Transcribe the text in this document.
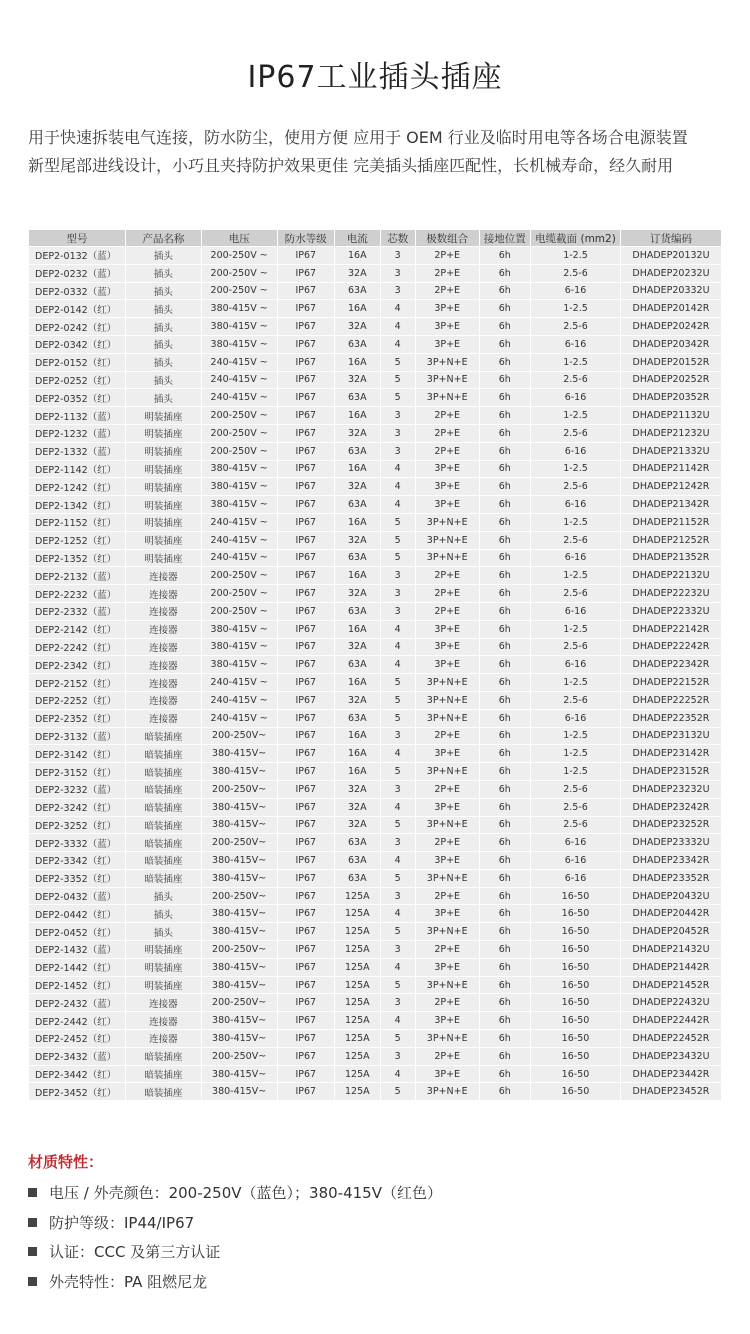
IP67工业插头插座
用于快速拆装电气连接，防水防尘，使用方便 应用于 OEM 行业及临时用电等各场合电源装置
新型尾部进线设计，小巧且夹持防护效果更佳 完美插头插座匹配性，长机械寿命，经久耐用
型号	产品名称	电压	防水等级	电流	芯数	极数组合	接地位置	电缆截面 (mm2)	订货编码
DEP2-0132（蓝）	插头	200-250V ~	IP67	16A	3	2P+E	6h	1-2.5	DHADEP20132U
DEP2-0232（蓝）	插头	200-250V ~	IP67	32A	3	2P+E	6h	2.5-6	DHADEP20232U
DEP2-0332（蓝）	插头	200-250V ~	IP67	63A	3	2P+E	6h	6-16	DHADEP20332U
DEP2-0142（红）	插头	380-415V ~	IP67	16A	4	3P+E	6h	1-2.5	DHADEP20142R
DEP2-0242（红）	插头	380-415V ~	IP67	32A	4	3P+E	6h	2.5-6	DHADEP20242R
DEP2-0342（红）	插头	380-415V ~	IP67	63A	4	3P+E	6h	6-16	DHADEP20342R
DEP2-0152（红）	插头	240-415V ~	IP67	16A	5	3P+N+E	6h	1-2.5	DHADEP20152R
DEP2-0252（红）	插头	240-415V ~	IP67	32A	5	3P+N+E	6h	2.5-6	DHADEP20252R
DEP2-0352（红）	插头	240-415V ~	IP67	63A	5	3P+N+E	6h	6-16	DHADEP20352R
DEP2-1132（蓝）	明装插座	200-250V ~	IP67	16A	3	2P+E	6h	1-2.5	DHADEP21132U
DEP2-1232（蓝）	明装插座	200-250V ~	IP67	32A	3	2P+E	6h	2.5-6	DHADEP21232U
DEP2-1332（蓝）	明装插座	200-250V ~	IP67	63A	3	2P+E	6h	6-16	DHADEP21332U
DEP2-1142（红）	明装插座	380-415V ~	IP67	16A	4	3P+E	6h	1-2.5	DHADEP21142R
DEP2-1242（红）	明装插座	380-415V ~	IP67	32A	4	3P+E	6h	2.5-6	DHADEP21242R
DEP2-1342（红）	明装插座	380-415V ~	IP67	63A	4	3P+E	6h	6-16	DHADEP21342R
DEP2-1152（红）	明装插座	240-415V ~	IP67	16A	5	3P+N+E	6h	1-2.5	DHADEP21152R
DEP2-1252（红）	明装插座	240-415V ~	IP67	32A	5	3P+N+E	6h	2.5-6	DHADEP21252R
DEP2-1352（红）	明装插座	240-415V ~	IP67	63A	5	3P+N+E	6h	6-16	DHADEP21352R
DEP2-2132（蓝）	连接器	200-250V ~	IP67	16A	3	2P+E	6h	1-2.5	DHADEP22132U
DEP2-2232（蓝）	连接器	200-250V ~	IP67	32A	3	2P+E	6h	2.5-6	DHADEP22232U
DEP2-2332（蓝）	连接器	200-250V ~	IP67	63A	3	2P+E	6h	6-16	DHADEP22332U
DEP2-2142（红）	连接器	380-415V ~	IP67	16A	4	3P+E	6h	1-2.5	DHADEP22142R
DEP2-2242（红）	连接器	380-415V ~	IP67	32A	4	3P+E	6h	2.5-6	DHADEP22242R
DEP2-2342（红）	连接器	380-415V ~	IP67	63A	4	3P+E	6h	6-16	DHADEP22342R
DEP2-2152（红）	连接器	240-415V ~	IP67	16A	5	3P+N+E	6h	1-2.5	DHADEP22152R
DEP2-2252（红）	连接器	240-415V ~	IP67	32A	5	3P+N+E	6h	2.5-6	DHADEP22252R
DEP2-2352（红）	连接器	240-415V ~	IP67	63A	5	3P+N+E	6h	6-16	DHADEP22352R
DEP2-3132（蓝）	暗装插座	200-250V~	IP67	16A	3	2P+E	6h	1-2.5	DHADEP23132U
DEP2-3142（红）	暗装插座	380-415V~	IP67	16A	4	3P+E	6h	1-2.5	DHADEP23142R
DEP2-3152（红）	暗装插座	380-415V~	IP67	16A	5	3P+N+E	6h	1-2.5	DHADEP23152R
DEP2-3232（蓝）	暗装插座	200-250V~	IP67	32A	3	2P+E	6h	2.5-6	DHADEP23232U
DEP2-3242（红）	暗装插座	380-415V~	IP67	32A	4	3P+E	6h	2.5-6	DHADEP23242R
DEP2-3252（红）	暗装插座	380-415V~	IP67	32A	5	3P+N+E	6h	2.5-6	DHADEP23252R
DEP2-3332（蓝）	暗装插座	200-250V~	IP67	63A	3	2P+E	6h	6-16	DHADEP23332U
DEP2-3342（红）	暗装插座	380-415V~	IP67	63A	4	3P+E	6h	6-16	DHADEP23342R
DEP2-3352（红）	暗装插座	380-415V~	IP67	63A	5	3P+N+E	6h	6-16	DHADEP23352R
DEP2-0432（蓝）	插头	200-250V~	IP67	125A	3	2P+E	6h	16-50	DHADEP20432U
DEP2-0442（红）	插头	380-415V~	IP67	125A	4	3P+E	6h	16-50	DHADEP20442R
DEP2-0452（红）	插头	380-415V~	IP67	125A	5	3P+N+E	6h	16-50	DHADEP20452R
DEP2-1432（蓝）	明装插座	200-250V~	IP67	125A	3	2P+E	6h	16-50	DHADEP21432U
DEP2-1442（红）	明装插座	380-415V~	IP67	125A	4	3P+E	6h	16-50	DHADEP21442R
DEP2-1452（红）	明装插座	380-415V~	IP67	125A	5	3P+N+E	6h	16-50	DHADEP21452R
DEP2-2432（蓝）	连接器	200-250V~	IP67	125A	3	2P+E	6h	16-50	DHADEP22432U
DEP2-2442（红）	连接器	380-415V~	IP67	125A	4	3P+E	6h	16-50	DHADEP22442R
DEP2-2452（红）	连接器	380-415V~	IP67	125A	5	3P+N+E	6h	16-50	DHADEP22452R
DEP2-3432（蓝）	暗装插座	200-250V~	IP67	125A	3	2P+E	6h	16-50	DHADEP23432U
DEP2-3442（红）	暗装插座	380-415V~	IP67	125A	4	3P+E	6h	16-50	DHADEP23442R
DEP2-3452（红）	暗装插座	380-415V~	IP67	125A	5	3P+N+E	6h	16-50	DHADEP23452R
材质特性：
电压 / 外壳颜色：200-250V（蓝色）；380-415V（红色）
防护等级：IP44/IP67
认证：CCC 及第三方认证
外壳特性：PA 阻燃尼龙
